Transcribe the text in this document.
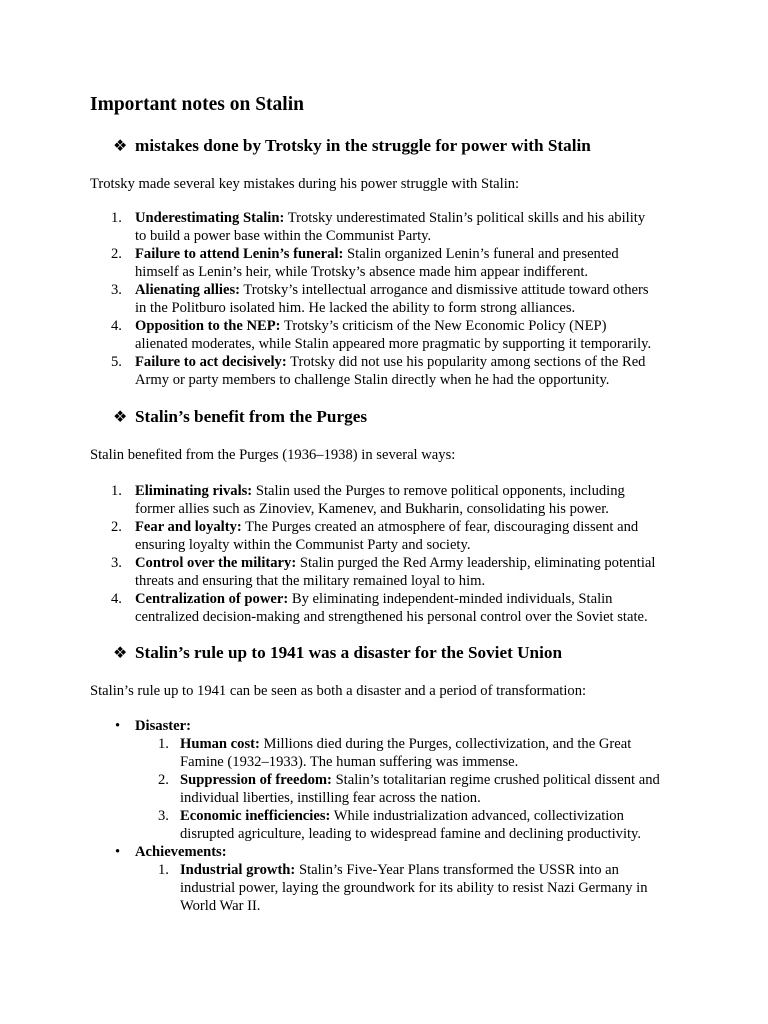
Important notes on Stalin
❖ mistakes done by Trotsky in the struggle for power with Stalin

Trotsky made several key mistakes during his power struggle with Stalin:

1. Underestimating Stalin: Trotsky underestimated Stalin’s political skills and his ability
to build a power base within the Communist Party.
2. Failure to attend Lenin’s funeral: Stalin organized Lenin’s funeral and presented
himself as Lenin’s heir, while Trotsky’s absence made him appear indifferent.
3. Alienating allies: Trotsky’s intellectual arrogance and dismissive attitude toward others
in the Politburo isolated him. He lacked the ability to form strong alliances.
4. Opposition to the NEP: Trotsky’s criticism of the New Economic Policy (NEP)
alienated moderates, while Stalin appeared more pragmatic by supporting it temporarily.
5. Failure to act decisively: Trotsky did not use his popularity among sections of the Red
Army or party members to challenge Stalin directly when he had the opportunity.
❖ Stalin’s benefit from the Purges

Stalin benefited from the Purges (1936–1938) in several ways:

1. Eliminating rivals: Stalin used the Purges to remove political opponents, including
former allies such as Zinoviev, Kamenev, and Bukharin, consolidating his power.
2. Fear and loyalty: The Purges created an atmosphere of fear, discouraging dissent and
ensuring loyalty within the Communist Party and society.
3. Control over the military: Stalin purged the Red Army leadership, eliminating potential
threats and ensuring that the military remained loyal to him.
4. Centralization of power: By eliminating independent-minded individuals, Stalin
centralized decision-making and strengthened his personal control over the Soviet state.
❖ Stalin’s rule up to 1941 was a disaster for the Soviet Union

Stalin’s rule up to 1941 can be seen as both a disaster and a period of transformation:

• Disaster:
1. Human cost: Millions died during the Purges, collectivization, and the Great
Famine (1932–1933). The human suffering was immense.
2. Suppression of freedom: Stalin’s totalitarian regime crushed political dissent and
individual liberties, instilling fear across the nation.
3. Economic inefficiencies: While industrialization advanced, collectivization
disrupted agriculture, leading to widespread famine and declining productivity.
• Achievements:
1. Industrial growth: Stalin’s Five-Year Plans transformed the USSR into an
industrial power, laying the groundwork for its ability to resist Nazi Germany in
World War II.
